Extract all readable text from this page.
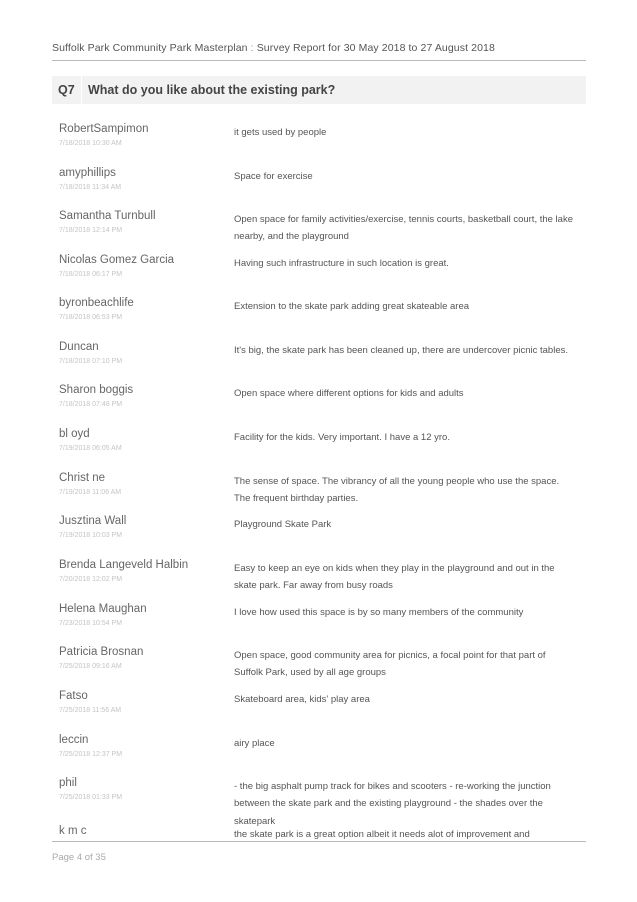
Suffolk Park Community Park Masterplan : Survey Report for 30 May 2018 to 27 August 2018
Q7 What do you like about the existing park?
RobertSampimon
7/18/2018 10:30 AM
it gets used by people
amyphillips
7/18/2018 11:34 AM
Space for exercise
Samantha Turnbull
7/18/2018 12:14 PM
Open space for family activities/exercise, tennis courts, basketball court, the lake nearby, and the playground
Nicolas Gomez Garcia
7/18/2018 06:17 PM
Having such infrastructure in such location is great.
byronbeachlife
7/18/2018 06:53 PM
Extension to the skate park adding great skateable area
Duncan
7/18/2018 07:10 PM
It's big, the skate park has been cleaned up, there are undercover picnic tables.
Sharon boggis
7/18/2018 07:48 PM
Open space where different options for kids and adults
bl oyd
7/19/2018 06:05 AM
Facility for the kids. Very important. I have a 12 yro.
Christ ne
7/19/2018 11:06 AM
The sense of space. The vibrancy of all the young people who use the space. The frequent birthday parties.
Jusztina Wall
7/19/2018 10:03 PM
Playground Skate Park
Brenda Langeveld Halbin
7/20/2018 12:02 PM
Easy to keep an eye on kids when they play in the playground and out in the skate park. Far away from busy roads
Helena Maughan
7/23/2018 10:54 PM
I love how used this space is by so many members of the community
Patricia Brosnan
7/25/2018 09:16 AM
Open space, good community area for picnics, a focal point for that part of Suffolk Park, used by all age groups
Fatso
7/25/2018 11:56 AM
Skateboard area, kids' play area
leccin
7/25/2018 12:37 PM
airy place
phil
7/25/2018 01:33 PM
- the big asphalt pump track for bikes and scooters - re-working the junction between the skate park and the existing playground - the shades over the skatepark
k m c	the skate park is a great option albeit it needs alot of improvement and
Page 4 of 35
